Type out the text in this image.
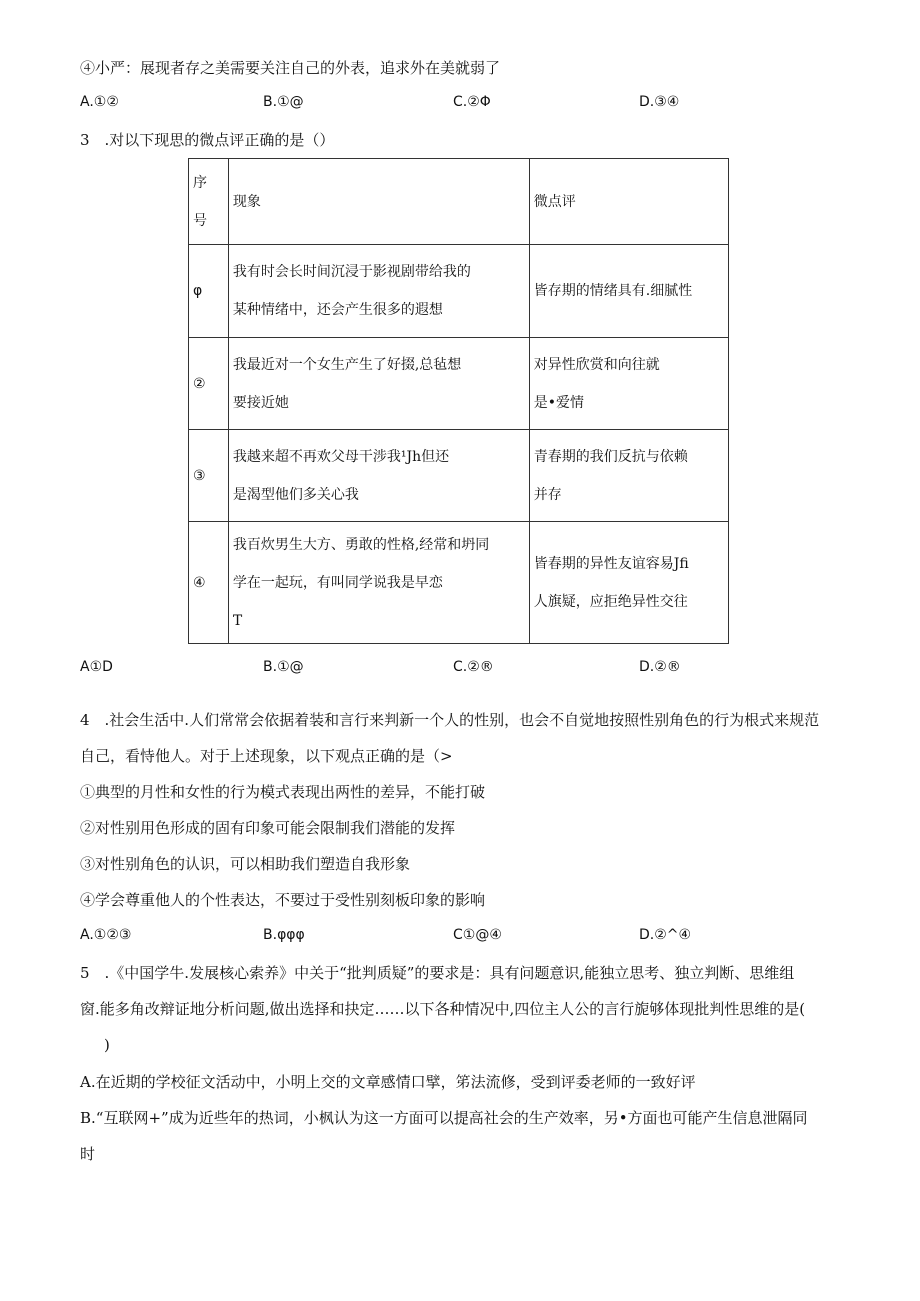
④小严：展现者存之美需要关注自己的外表，追求外在美就弱了
A.①②	B.①@	C.②Φ	D.③④
3　.对以下现思的微点评正确的是（）
序
号	现象	微点评

φ	我有时会长时间沉浸于影视剧带给我的
某种情绪中，还会产生很多的遐想	皆存期的情绪具有.细腻性

②	我最近对一个女生产生了好掇,总毡想
要接近她	对异性欣赏和向往就
是•爱情

③	我越来超不再欢父母干涉我¹Jh但还
是渴型他们多关心我	青春期的我们反抗与依赖
并存

④	我百炊男生大方、勇敢的性格,经常和坍同
学在一起玩，有叫同学说我是早恋
T	皆春期的异性友谊容易Jfi
人旗疑，应拒绝异性交往
A①D	B.①@	C.②®	D.②®
4　.社会生活中.人们常常会依据着装和言行来判新一个人的性别，也会不自觉地按照性别角色的行为根式来规范
自己，看恃他人。对于上述现象，以下观点正确的是（>
①典型的月性和女性的行为模式表现出两性的差异，不能打破
②对性别用色形成的固有印象可能会限制我们潜能的发挥
③对性别角色的认识，可以相助我们塑造自我形象
④学会尊重他人的个性表达，不要过于受性别刻板印象的影响
A.①②③	B.φφφ	C①@④	D.②^④
5　.《中国学牛.发展核心索养》中关于“批判质疑”的要求是：具有问题意识,能独立思考、独立判断、思维组
窗.能多角改辩证地分析问题,做出选择和抉定……以下各种情况中,四位主人公的言行旎够体现批判性思维的是(
)
A.在近期的学校征文活动中，小明上交的文章感情口擘，笫法流修，受到评委老师的一致好评
B.“互联网+”成为近些年的热词，小枫认为这一方面可以提高社会的生产效率，另•方面也可能产生信息泄隔同
时
